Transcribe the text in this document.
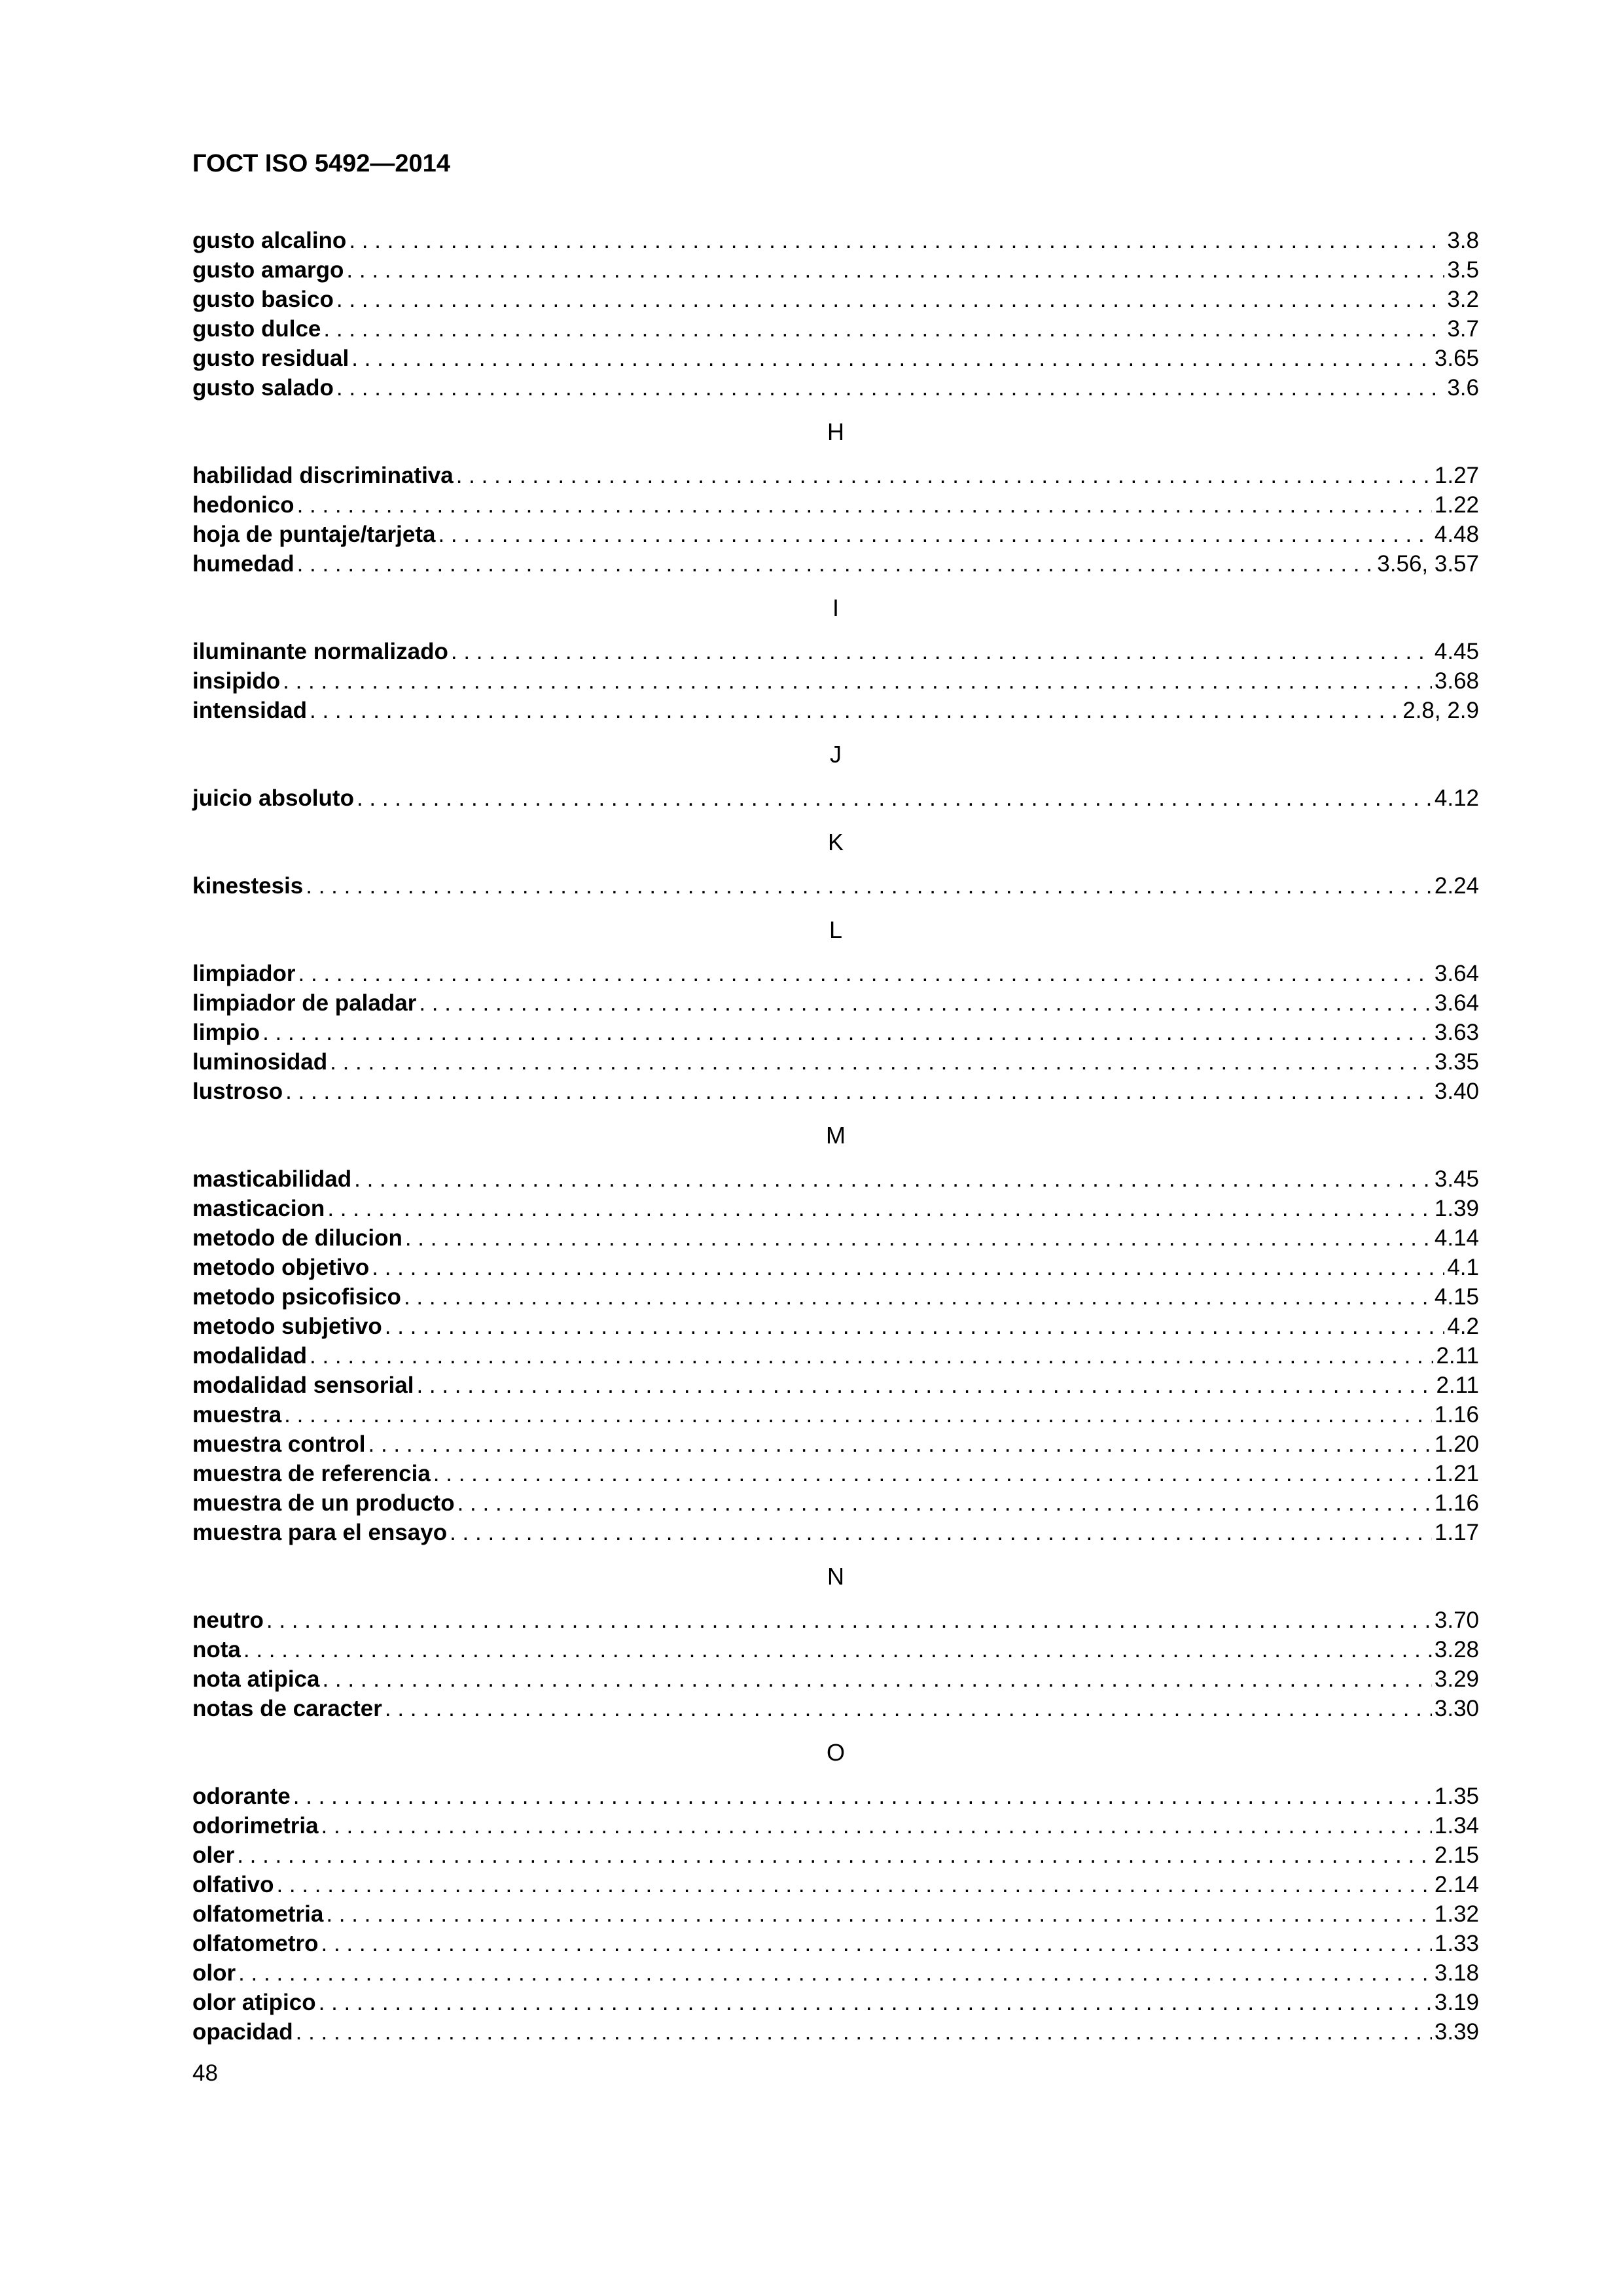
ГОСТ ISO 5492—2014
gusto alcalino . . .	3.8
gusto amargo . . .	3.5
gusto basico . . .	3.2
gusto dulce . . .	3.7
gusto residual . . .	3.65
gusto salado . . .	3.6
H
habilidad discriminativa . . .	1.27
hedonico . . .	1.22
hoja de puntaje/tarjeta . . .	4.48
humedad . . .	3.56, 3.57
I
iluminante normalizado . . .	4.45
insipido . . .	3.68
intensidad . . .	2.8, 2.9
J
juicio absoluto . . .	4.12
K
kinestesis . . .	2.24
L
limpiador . . .	3.64
limpiador de paladar . . .	3.64
limpio . . .	3.63
luminosidad . . .	3.35
lustroso . . .	3.40
M
masticabilidad . . .	3.45
masticacion . . .	1.39
metodo de dilucion . . .	4.14
metodo objetivo . . .	4.1
metodo psicofisico . . .	4.15
metodo subjetivo . . .	4.2
modalidad . . .	2.11
modalidad sensorial . . .	2.11
muestra . . .	1.16
muestra control . . .	1.20
muestra de referencia . . .	1.21
muestra de un producto . . .	1.16
muestra para el ensayo . . .	1.17
N
neutro . . .	3.70
nota . . .	3.28
nota atipica . . .	3.29
notas de caracter . . .	3.30
O
odorante . . .	1.35
odorimetria . . .	1.34
oler . . .	2.15
olfativo . . .	2.14
olfatometria . . .	1.32
olfatometro . . .	1.33
olor . . .	3.18
olor atipico . . .	3.19
opacidad . . .	3.39
48
